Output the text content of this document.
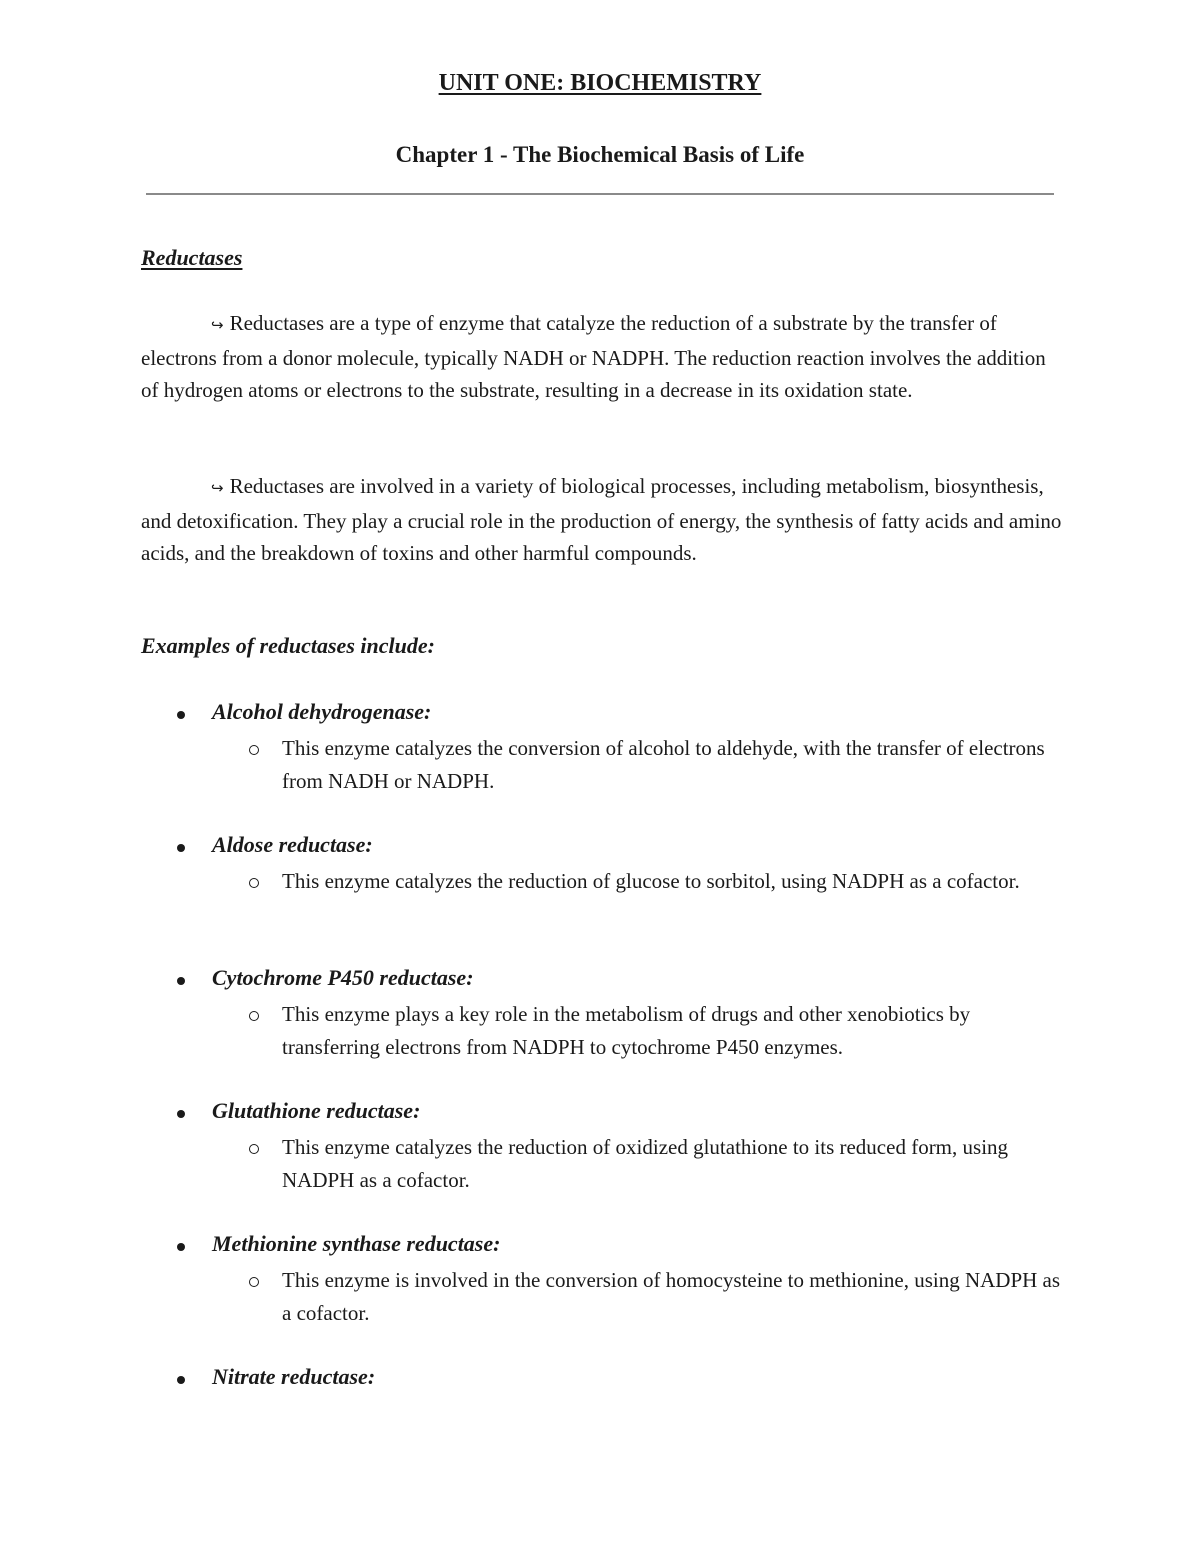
UNIT ONE: BIOCHEMISTRY
Chapter 1 - The Biochemical Basis of Life
Reductases

↪ Reductases are a type of enzyme that catalyze the reduction of a substrate by the transfer of electrons from a donor molecule, typically NADH or NADPH. The reduction reaction involves the addition of hydrogen atoms or electrons to the substrate, resulting in a decrease in its oxidation state.

↪ Reductases are involved in a variety of biological processes, including metabolism, biosynthesis, and detoxification. They play a crucial role in the production of energy, the synthesis of fatty acids and amino acids, and the breakdown of toxins and other harmful compounds.

Examples of reductases include:
Alcohol dehydrogenase:

This enzyme catalyzes the conversion of alcohol to aldehyde, with the transfer of electrons from NADH or NADPH.

Aldose reductase:

This enzyme catalyzes the reduction of glucose to sorbitol, using NADPH as a cofactor.

Cytochrome P450 reductase:

This enzyme plays a key role in the metabolism of drugs and other xenobiotics by transferring electrons from NADPH to cytochrome P450 enzymes.

Glutathione reductase:

This enzyme catalyzes the reduction of oxidized glutathione to its reduced form, using NADPH as a cofactor.

Methionine synthase reductase:

This enzyme is involved in the conversion of homocysteine to methionine, using NADPH as a cofactor.

Nitrate reductase:
